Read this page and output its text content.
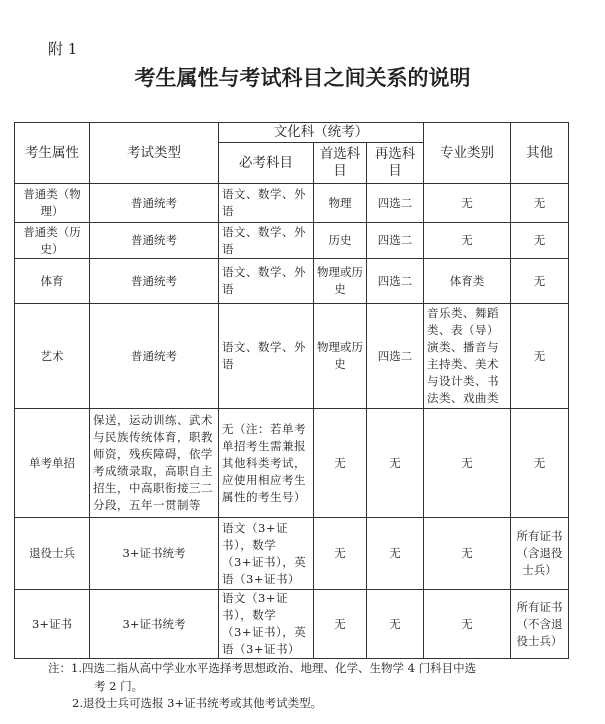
附 1
考生属性与考试科目之间关系的说明
考生属性	考试类型	文化科（统考）			专业类别	其他
		必考科目	首选科目	再选科目		
普通类（物理）	普通统考	语文、数学、外语	物理	四选二	无	无
普通类（历史）	普通统考	语文、数学、外语	历史	四选二	无	无
体育	普通统考	语文、数学、外语	物理或历史	四选二	体育类	无
艺术	普通统考	语文、数学、外语	物理或历史	四选二	音乐类、舞蹈类、表（导）演类、播音与主持类、美术与设计类、书法类、戏曲类	无
单考单招	保送，运动训练、武术与民族传统体育，职教师资，残疾障碍，依学考成绩录取，高职自主招生，中高职衔接三二分段，五年一贯制等	无（注：若单考单招考生需兼报其他科类考试，应使用相应考生属性的考生号）	无	无	无	无
退役士兵	3+证书统考	语文（3+证书），数学（3+证书），英语（3+证书）	无	无	无	所有证书（含退役士兵）
3+证书	3+证书统考	语文（3+证书），数学（3+证书），英语（3+证书）	无	无	无	所有证书（不含退役士兵）
注：1.四选二指从高中学业水平选择考思想政治、地理、化学、生物学 4 门科目中选
考 2 门。
2.退役士兵可选报 3+证书统考或其他考试类型。
